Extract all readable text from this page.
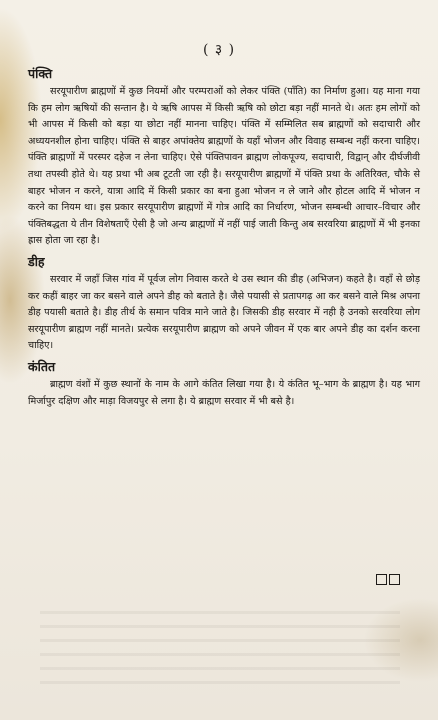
( ३ )
पंक्ति

सरयूपारीण ब्राह्मणों में कुछ नियमों और परम्पराओं को लेकर पंक्ति (पाँति) का निर्माण हुआ। यह माना गया कि हम लोग ऋषियों की सन्तान है। ये ऋषि आपस में किसी ऋषि को छोटा बड़ा नहीं मानते थे। अतः हम लोगों को भी आपस में किसी को बड़ा या छोटा नहीं मानना चाहिए। पंक्ति में सम्मिलित सब ब्राह्मणों को सदाचारी और अध्ययनशील होना चाहिए। पंक्ति से बाहर अपांक्तेय ब्राह्मणों के यहाँ भोजन और विवाह सम्बन्ध नहीं करना चाहिए। पंक्ति ब्राह्मणों में परस्पर दहेज न लेना चाहिए। ऐसे पंक्तिपावन ब्राह्मण लोकपूज्य, सदाचारी, विद्वान् और दीर्घजीवी तथा तपस्वी होते थे। यह प्रथा भी अब टूटती जा रही है। सरयूपारीण ब्राह्मणों में पंक्ति प्रथा के अतिरिक्त, चौके से बाहर भोजन न करने, यात्रा आदि में किसी प्रकार का बना हुआ भोजन न ले जाने और होटल आदि में भोजन न करने का नियम था। इस प्रकार सरयूपारीण ब्राह्मणों में गोत्र आदि का निर्धारण, भोजन सम्बन्धी आचार–विचार और पंक्तिबद्धता ये तीन विशेषताएँ ऐसी है जो अन्य ब्राह्मणों में नहीं पाई जाती किन्तु अब सरवरिया ब्राह्मणों में भी इनका ह्रास होता जा रहा है।

डीह

सरवार में जहाँ जिस गांव में पूर्वज लोग निवास करते थे उस स्थान की डीह (अभिजन) कहते है। वहाँ से छोड़ कर कहीं बाहर जा कर बसने वाले अपने डीह को बताते है। जैसे पयासी से प्रतापगढ़ आ कर बसने वाले मिश्र अपना डीह पयासी बताते है। डीह तीर्थ के समान पवित्र माने जाते है। जिसकी डीह सरवार में नही है उनको सरवरिया लोग सरयूपारीण ब्राह्मण नहीं मानते। प्रत्येक सरयूपारीण ब्राह्मण को अपने जीवन में एक बार अपने डीह का दर्शन करना चाहिए।

कंतित

ब्राह्मण वंशों में कुछ स्थानों के नाम के आगे कंतित लिखा गया है। ये कंतित भू–भाग के ब्राह्मण है। यह भाग मिर्जापुर दक्षिण और माड़ा विजयपुर से लगा है। ये ब्राह्मण सरवार में भी बसे है।
